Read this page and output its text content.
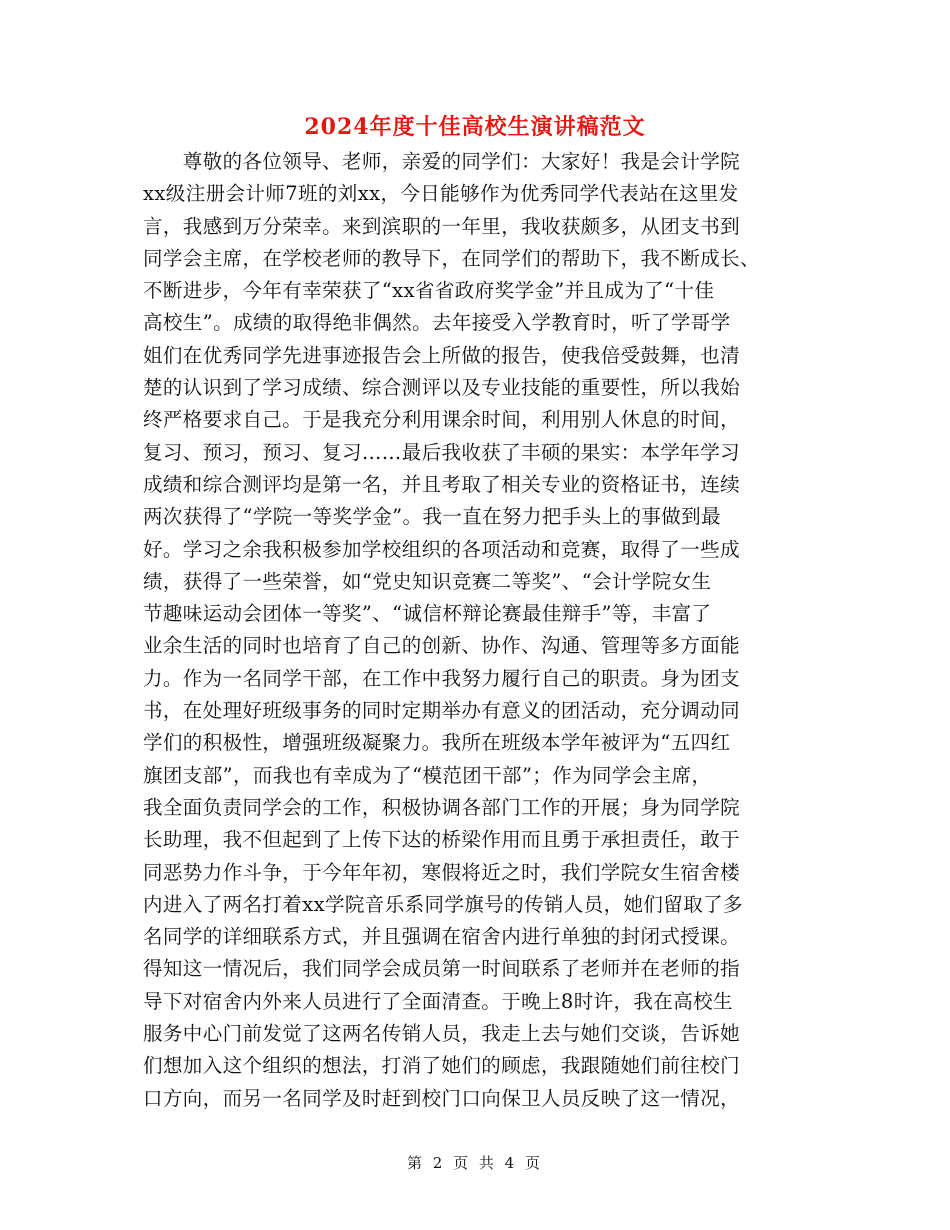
2024年度十佳高校生演讲稿范文
　　尊敬的各位领导、老师，亲爱的同学们：大家好！我是会计学院
xx级注册会计师7班的刘xx，今日能够作为优秀同学代表站在这里发
言，我感到万分荣幸。来到滨职的一年里，我收获颇多，从团支书到
同学会主席，在学校老师的教导下，在同学们的帮助下，我不断成长、
不断进步，今年有幸荣获了“xx省省政府奖学金”并且成为了“十佳
高校生”。成绩的取得绝非偶然。去年接受入学教育时，听了学哥学
姐们在优秀同学先进事迹报告会上所做的报告，使我倍受鼓舞，也清
楚的认识到了学习成绩、综合测评以及专业技能的重要性，所以我始
终严格要求自己。于是我充分利用课余时间，利用别人休息的时间，
复习、预习，预习、复习……最后我收获了丰硕的果实：本学年学习
成绩和综合测评均是第一名，并且考取了相关专业的资格证书，连续
两次获得了“学院一等奖学金”。我一直在努力把手头上的事做到最
好。学习之余我积极参加学校组织的各项活动和竞赛，取得了一些成
绩，获得了一些荣誉，如“党史知识竞赛二等奖”、“会计学院女生
节趣味运动会团体一等奖”、“诚信杯辩论赛最佳辩手”等，丰富了
业余生活的同时也培育了自己的创新、协作、沟通、管理等多方面能
力。作为一名同学干部，在工作中我努力履行自己的职责。身为团支
书，在处理好班级事务的同时定期举办有意义的团活动，充分调动同
学们的积极性，增强班级凝聚力。我所在班级本学年被评为“五四红
旗团支部”，而我也有幸成为了“模范团干部”；作为同学会主席，
我全面负责同学会的工作，积极协调各部门工作的开展；身为同学院
长助理，我不但起到了上传下达的桥梁作用而且勇于承担责任，敢于
同恶势力作斗争，于今年年初，寒假将近之时，我们学院女生宿舍楼
内进入了两名打着xx学院音乐系同学旗号的传销人员，她们留取了多
名同学的详细联系方式，并且强调在宿舍内进行单独的封闭式授课。
得知这一情况后，我们同学会成员第一时间联系了老师并在老师的指
导下对宿舍内外来人员进行了全面清查。于晚上8时许，我在高校生
服务中心门前发觉了这两名传销人员，我走上去与她们交谈，告诉她
们想加入这个组织的想法，打消了她们的顾虑，我跟随她们前往校门
口方向，而另一名同学及时赶到校门口向保卫人员反映了这一情况，
第 2 页 共 4 页
